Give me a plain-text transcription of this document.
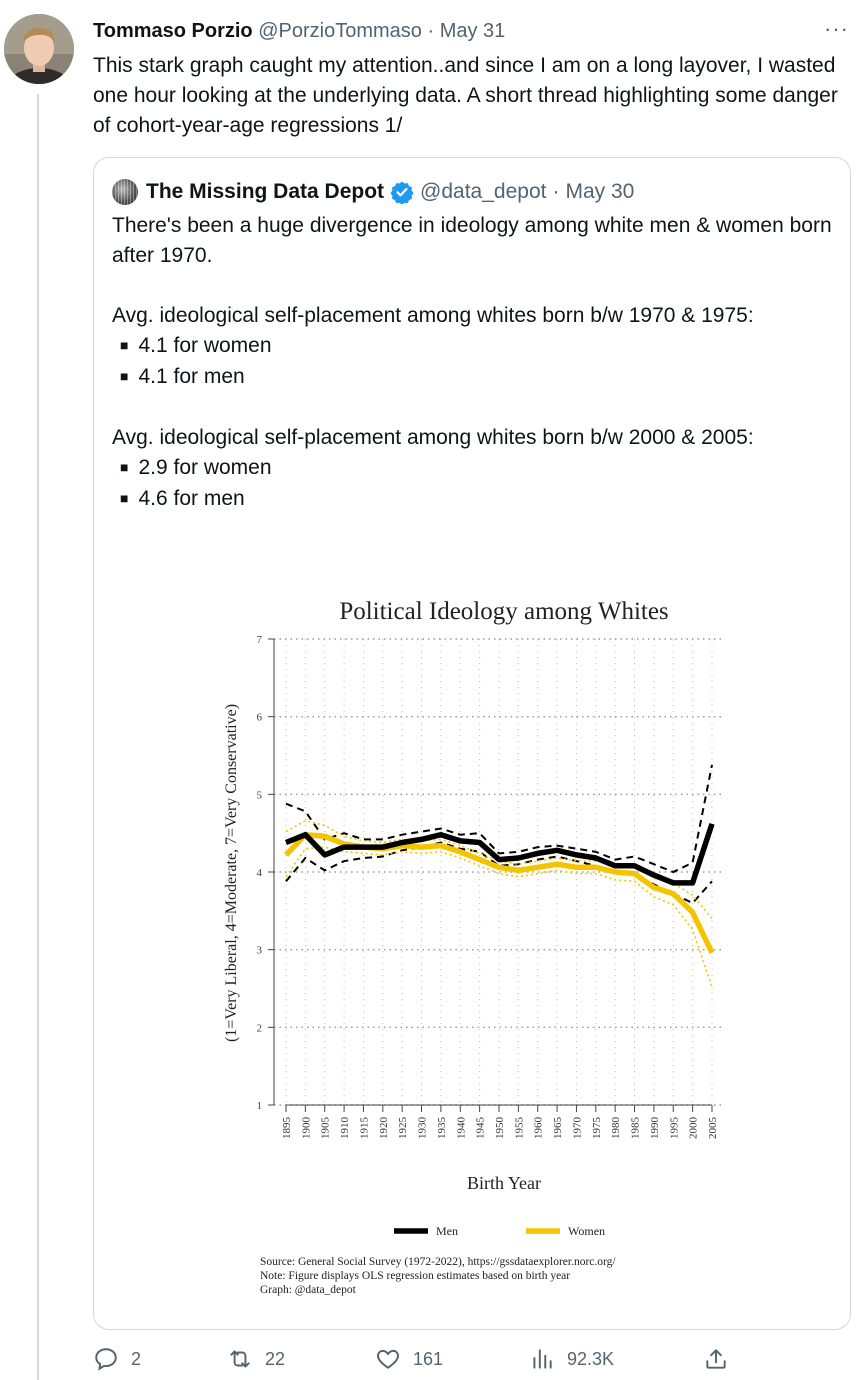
Tommaso Porzio @PorzioTommaso · May 31	···
This stark graph caught my attention..and since I am on a long layover, I wasted one hour looking at the underlying data. A short thread highlighting some danger of cohort-year-age regressions 1/
The Missing Data Depot @data_depot · May 30

There's been a huge divergence in ideology among white men & women born after 1970.

Avg. ideological self-placement among whites born b/w 1970 & 1975:

■ 4.1 for women

■ 4.1 for men

Avg. ideological self-placement among whites born b/w 2000 & 2005:

■ 2.9 for women

■ 4.6 for men

Political Ideology among Whites
1
2
3
4
5
6
7
1895 1900 1905 1910 1915 1920 1925 1930 1935 1940 1945 1950 1955 1960 1965 1970 1975 1980 1985 1990 1995 2000 2005
Birth Year
(1=Very Liberal, 4=Moderate, 7=Very Conservative)
Men	Women
Source: General Social Survey (1972-2022), https://gssdataexplorer.norc.org/
Note: Figure displays OLS regression estimates based on birth year
Graph: @data_depot
2	22	161	92.3K
